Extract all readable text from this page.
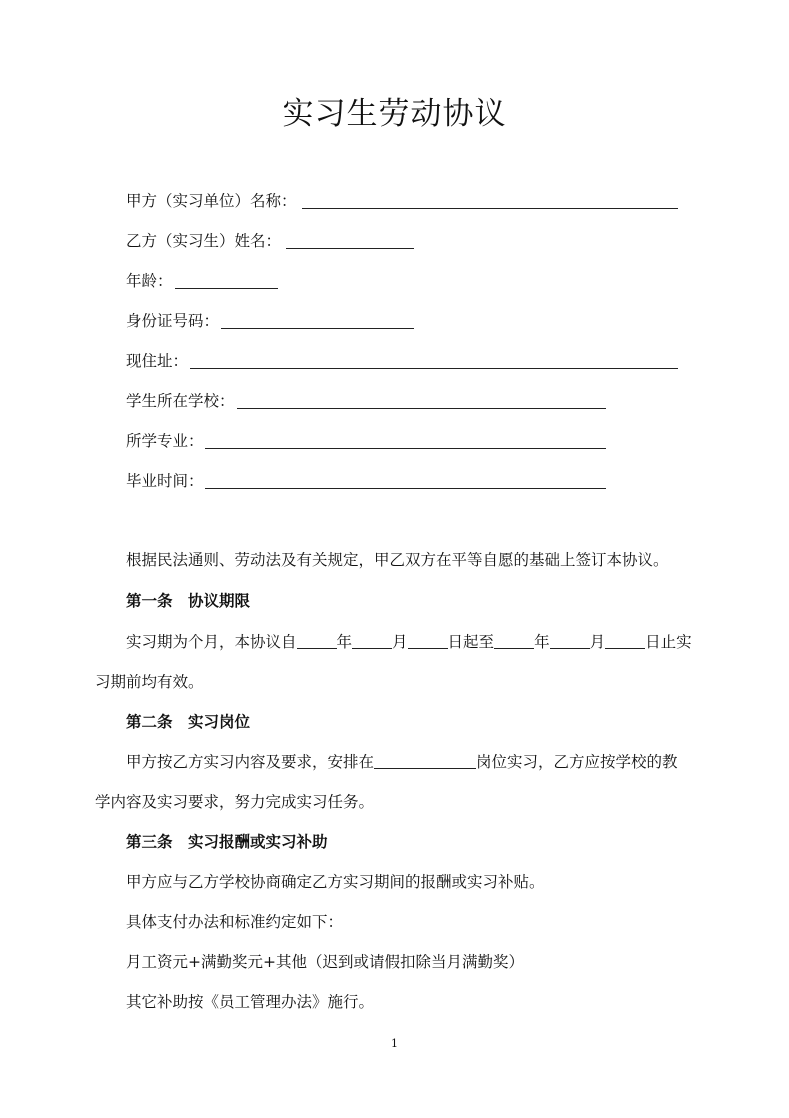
实习生劳动协议
甲方（实习单位）名称：
乙方（实习生）姓名：
年龄：
身份证号码：
现住址：
学生所在学校：
所学专业：
毕业时间：
根据民法通则、劳动法及有关规定，甲乙双方在平等自愿的基础上签订本协议。
第一条　协议期限
实习期为个月，本协议自	年	月	日起至	年	月	日止实
习期前均有效。
第二条　实习岗位
甲方按乙方实习内容及要求，安排在	岗位实习，乙方应按学校的教
学内容及实习要求，努力完成实习任务。
第三条　实习报酬或实习补助
甲方应与乙方学校协商确定乙方实习期间的报酬或实习补贴。
具体支付办法和标准约定如下：
月工资元+满勤奖元+其他（迟到或请假扣除当月满勤奖）
其它补助按《员工管理办法》施行。
1
